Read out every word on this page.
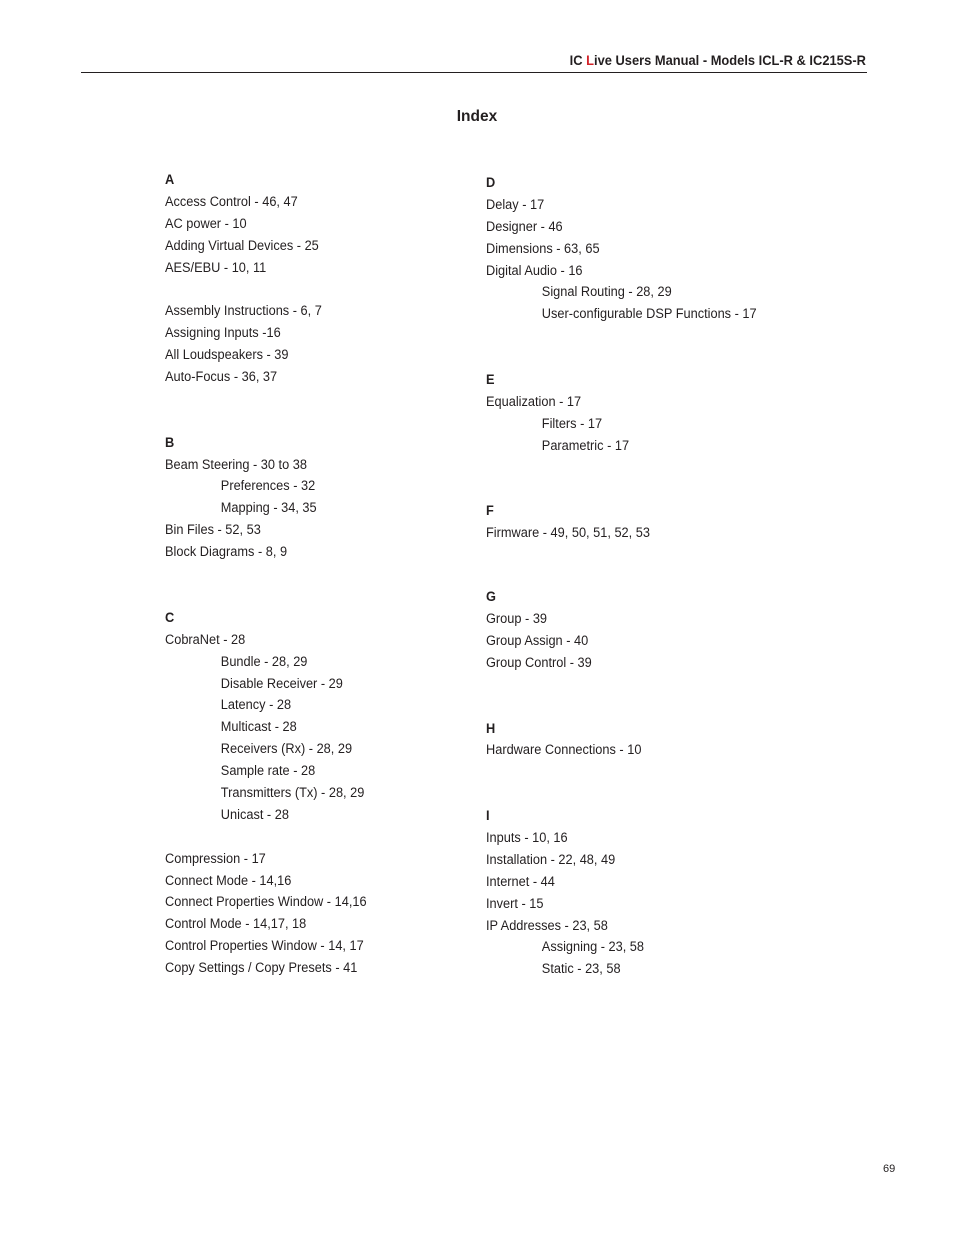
IC Live Users Manual - Models ICL-R & IC215S-R
Index
A
Access Control - 46, 47
AC power - 10
Adding Virtual Devices - 25
AES/EBU - 10, 11
Assembly Instructions - 6, 7
Assigning Inputs -16
All Loudspeakers - 39
Auto-Focus - 36, 37
B
Beam Steering - 30 to 38
Preferences - 32
Mapping - 34, 35
Bin Files - 52, 53
Block Diagrams - 8, 9
C
CobraNet - 28
Bundle - 28, 29
Disable Receiver - 29
Latency - 28
Multicast - 28
Receivers (Rx) - 28, 29
Sample rate - 28
Transmitters (Tx) - 28, 29
Unicast - 28
Compression - 17
Connect Mode - 14,16
Connect Properties Window - 14,16
Control Mode - 14,17, 18
Control Properties Window - 14, 17
Copy Settings / Copy Presets - 41
D
Delay - 17
Designer - 46
Dimensions - 63, 65
Digital Audio - 16
Signal Routing - 28, 29
User-configurable DSP Functions - 17
E
Equalization - 17
Filters - 17
Parametric - 17
F
Firmware - 49, 50, 51, 52, 53
G
Group - 39
Group Assign - 40
Group Control - 39
H
Hardware Connections - 10
I
Inputs - 10, 16
Installation - 22, 48, 49
Internet - 44
Invert - 15
IP Addresses - 23, 58
Assigning - 23, 58
Static - 23, 58
69
